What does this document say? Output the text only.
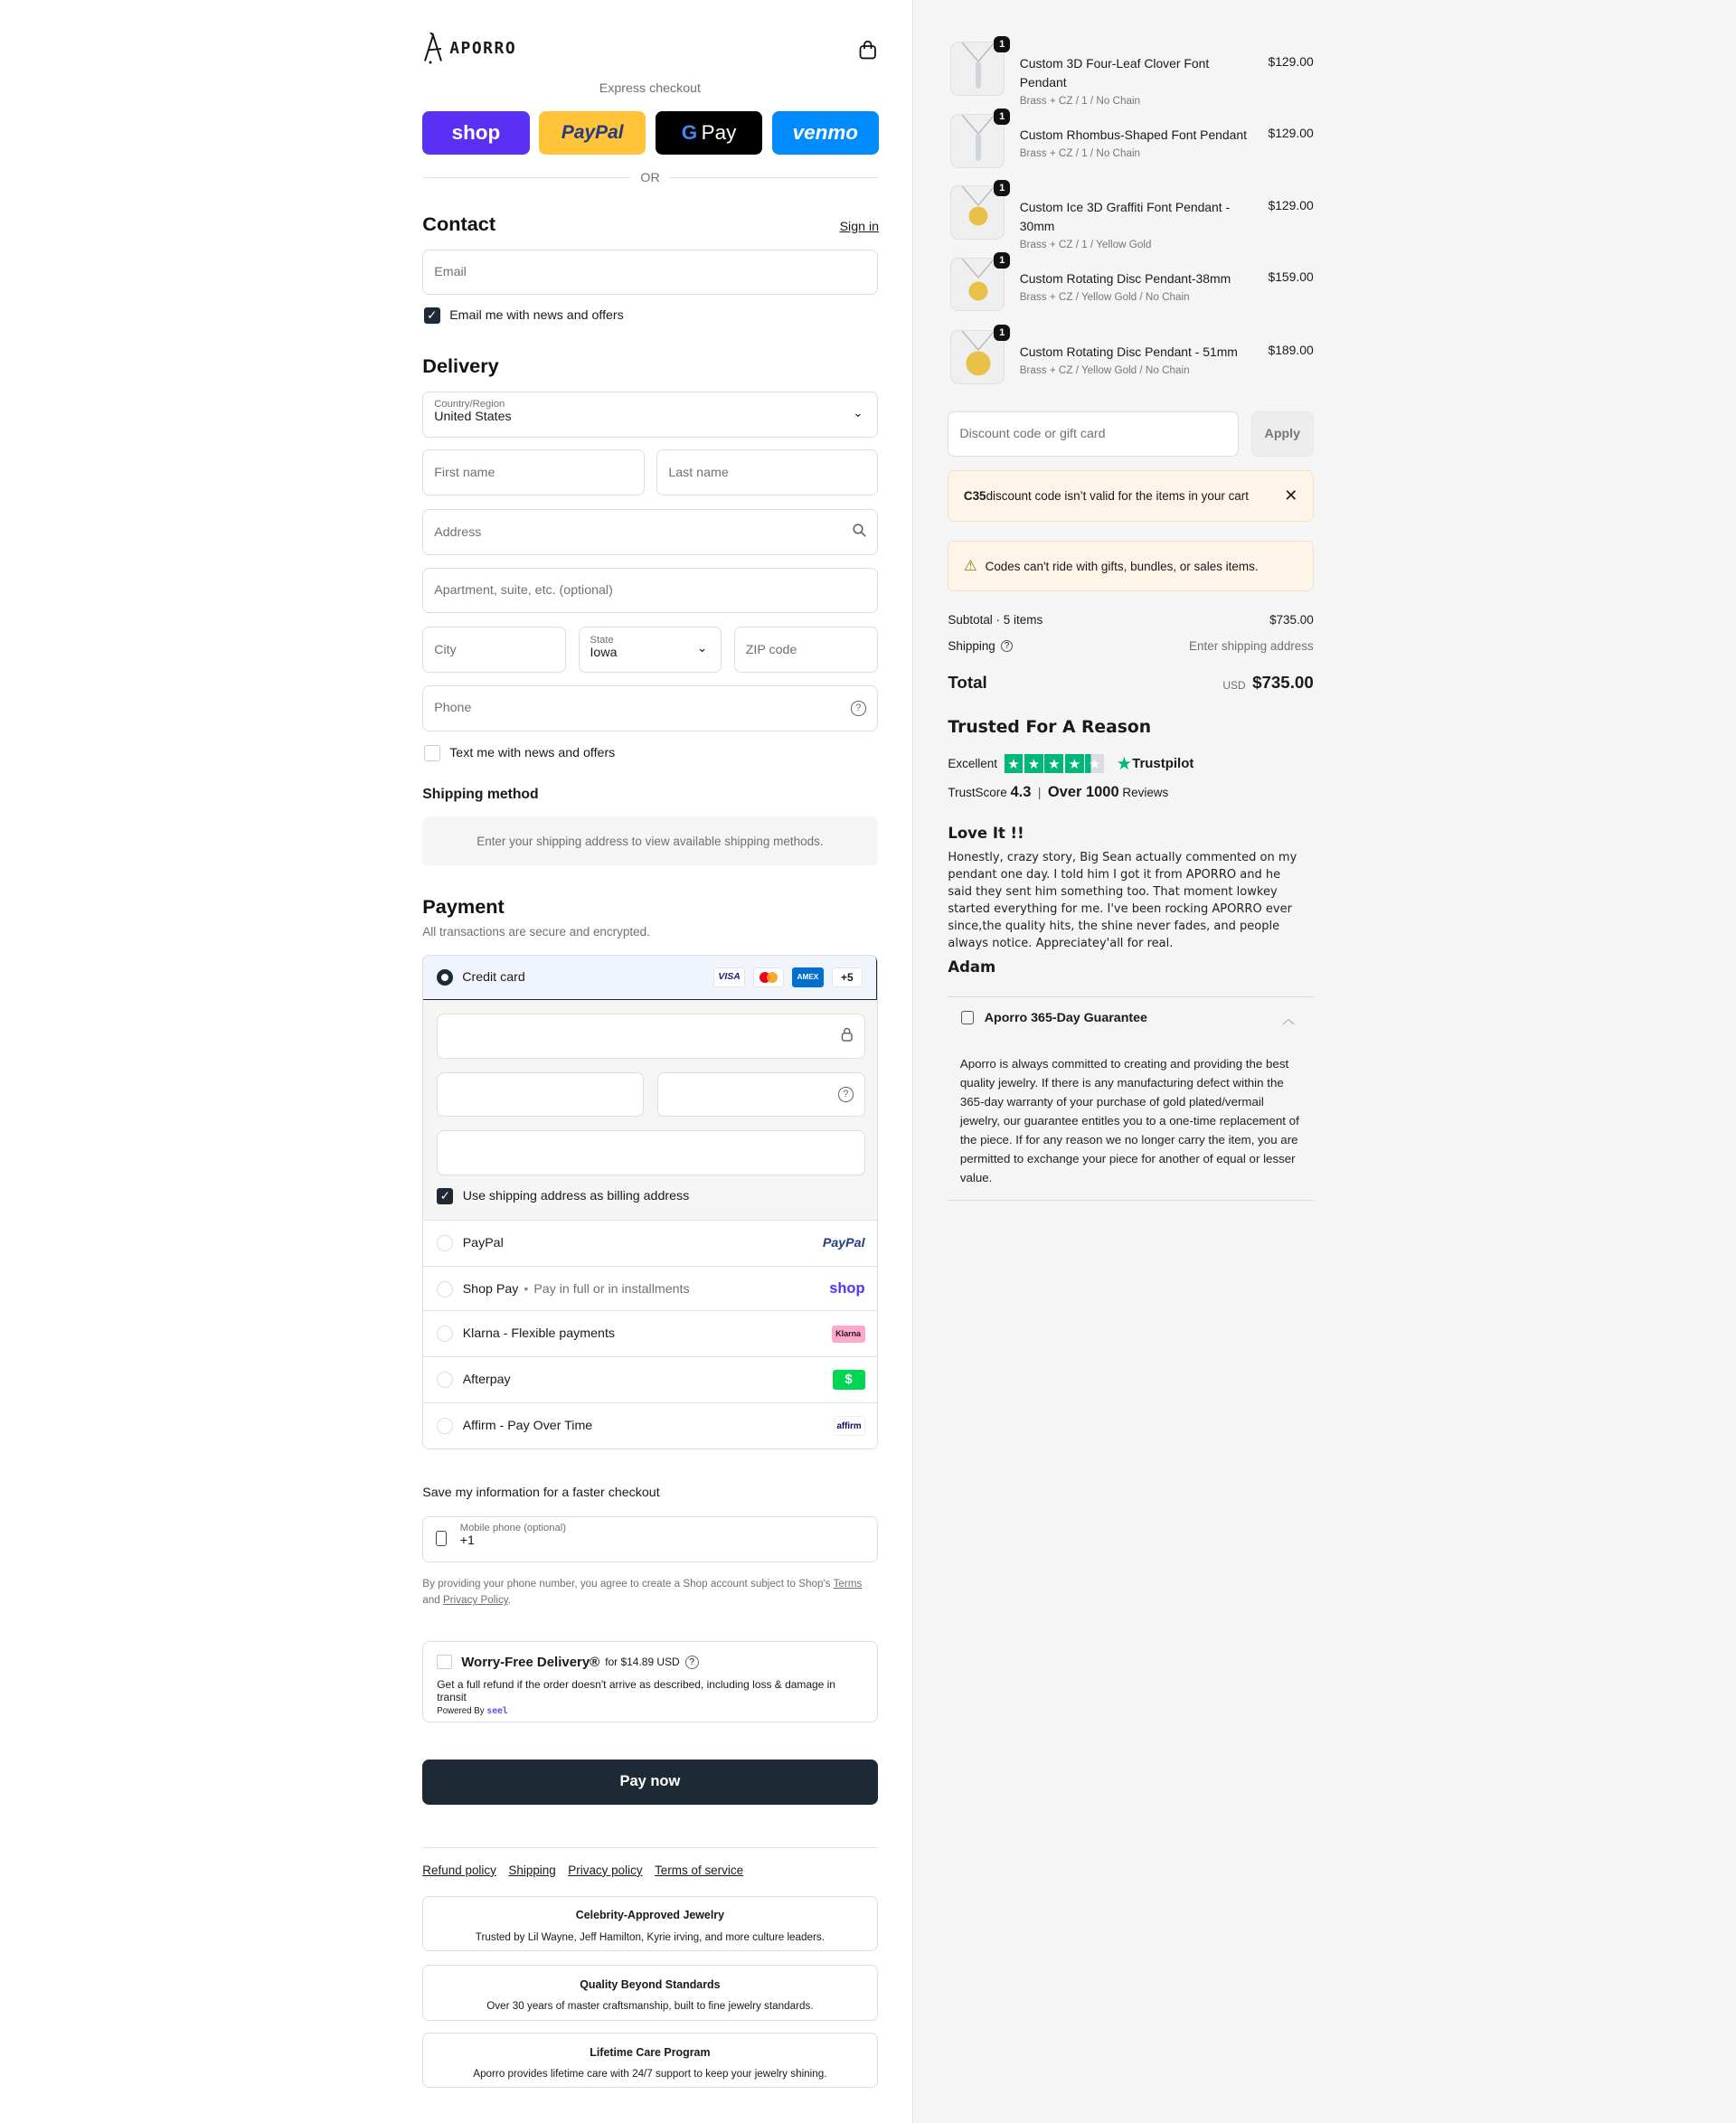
APORRO
Express checkout
shop	PayPal	G Pay	venmo
OR
Contact	Sign in
Email
✓	Email me with news and offers
Delivery
Country/Region
United States	⌄
First name	Last name
Address
Apartment, suite, etc. (optional)
City
State
Iowa	⌄	ZIP code
Phone	?
Text me with news and offers
Shipping method
Enter your shipping address to view available shipping methods.
Payment
All transactions are secure and encrypted.
Credit card	VISA	AMEX	+5
?
✓	Use shipping address as billing address
PayPal	PayPal
Shop Pay • Pay in full or in installments	shop
Klarna - Flexible payments	Klarna
Afterpay	$
Affirm - Pay Over Time	affirm
Save my information for a faster checkout
Mobile phone (optional)
+1
By providing your phone number, you agree to create a Shop account subject to Shop's Terms
and Privacy Policy.
Worry-Free Delivery® for $14.89 USD	?
Get a full refund if the order doesn't arrive as described, including loss & damage in transit
Powered By seel
Pay now
Refund policy Shipping Privacy policy Terms of service
Celebrity-Approved Jewelry
Trusted by Lil Wayne, Jeff Hamilton, Kyrie irving, and more culture leaders.
Quality Beyond Standards
Over 30 years of master craftsmanship, built to fine jewelry standards.
Lifetime Care Program
Aporro provides lifetime care with 24/7 support to keep your jewelry shining.
1
Custom 3D Four-Leaf Clover Font Pendant
Brass + CZ / 1 / No Chain
$129.00
1
Custom Rhombus-Shaped Font Pendant
Brass + CZ / 1 / No Chain
$129.00
1
Custom Ice 3D Graffiti Font Pendant - 30mm
Brass + CZ / 1 / Yellow Gold
$129.00
1
Custom Rotating Disc Pendant-38mm
Brass + CZ / Yellow Gold / No Chain
$159.00
1
Custom Rotating Disc Pendant - 51mm
Brass + CZ / Yellow Gold / No Chain
$189.00
Discount code or gift card	Apply
C35 discount code isn’t valid for the items in your cart	✕
⚠ Codes can't ride with gifts, bundles, or sales items.
Subtotal · 5 items	$735.00
Shipping	?	Enter shipping address
Total	USD $735.00
Trusted For A Reason
Excellent	★ ★ ★ ★ ★ ★ Trustpilot
TrustScore
4.3 | Over 1000
Reviews
Love It !!
Honestly, crazy story, Big Sean actually commented on my pendant one day. I told him I got it from APORRO and he said they sent him something too. That moment lowkey started everything for me. I've been rocking APORRO ever since,the quality hits, the shine never fades, and people always notice. Appreciatey'all for real.
Adam
Aporro 365-Day Guarantee	︿
Aporro is always committed to creating and providing the best quality jewelry. If there is any manufacturing defect within the 365-day warranty of your purchase of gold plated/vermail jewelry, our guarantee entitles you to a one-time replacement of the piece. If for any reason we no longer carry the item, you are permitted to exchange your piece for another of equal or lesser value.
